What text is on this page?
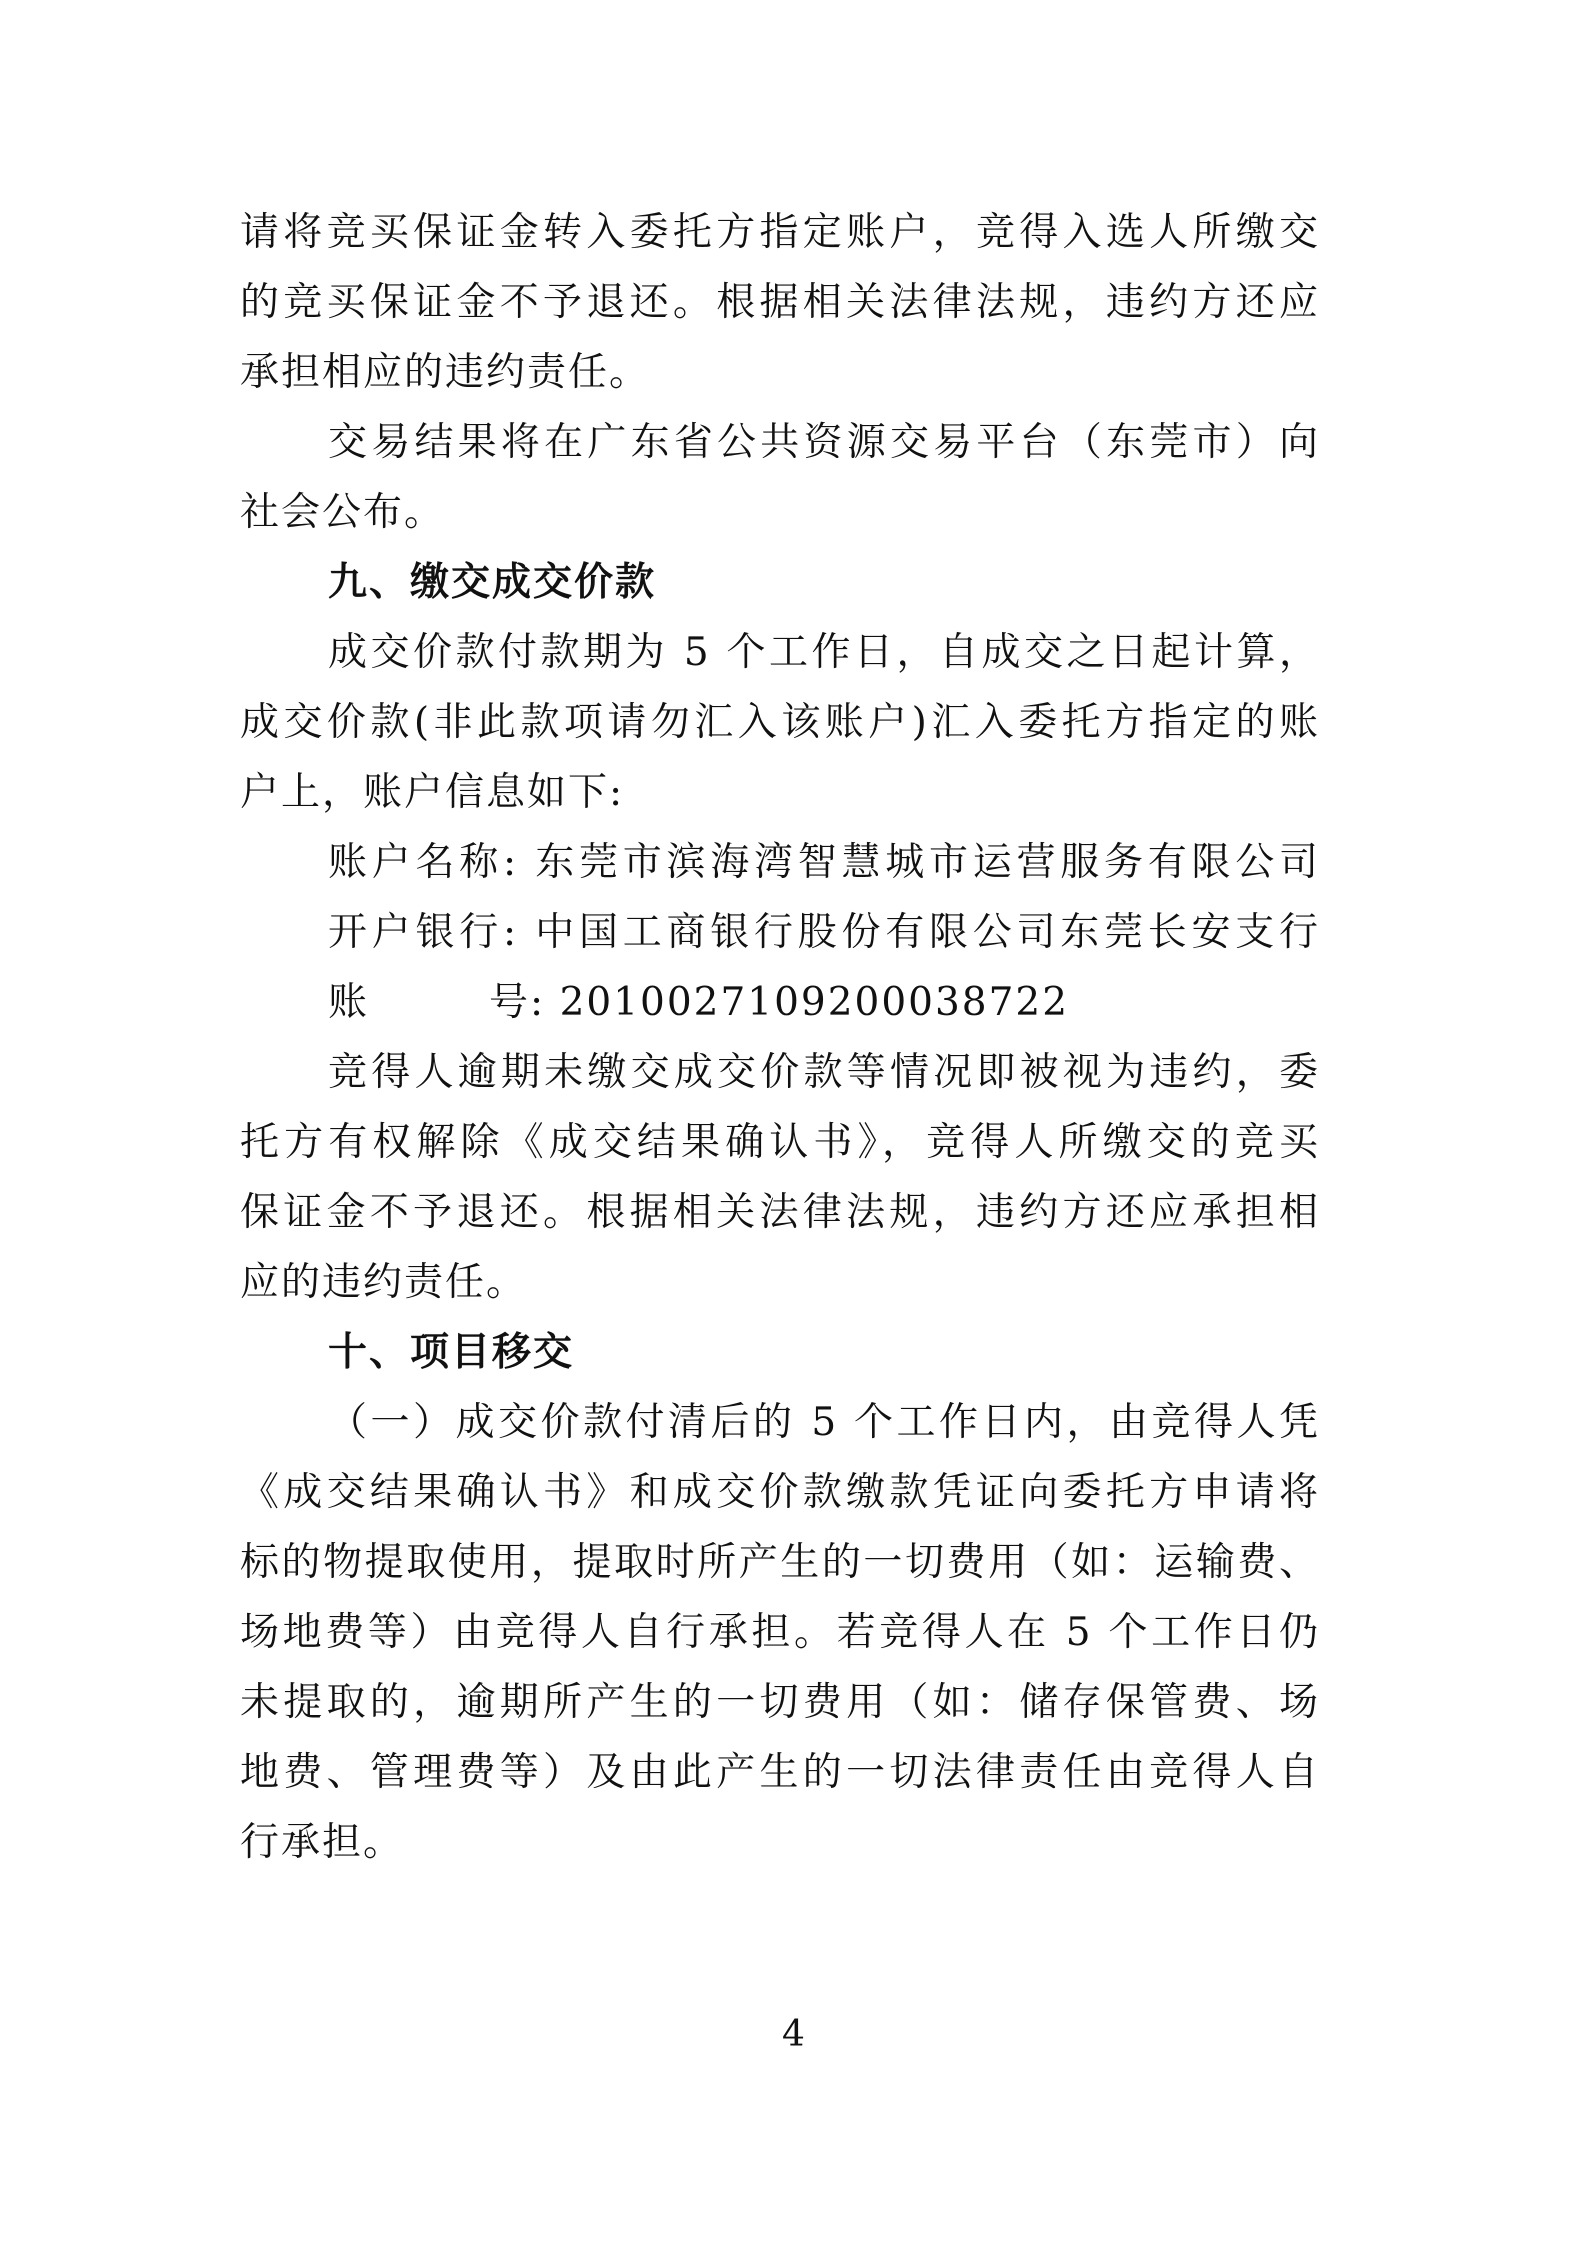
请将竞买保证金转入委托方指定账户，竞得入选人所缴交
的竞买保证金不予退还。根据相关法律法规，违约方还应
承担相应的违约责任。
交易结果将在广东省公共资源交易平台（东莞市）向
社会公布。
九、缴交成交价款
成交价款付款期为 5 个工作日，自成交之日起计算，
成交价款(非此款项请勿汇入该账户)汇入委托方指定的账
户上，账户信息如下:
账户名称: 东莞市滨海湾智慧城市运营服务有限公司
开户银行: 中国工商银行股份有限公司东莞长安支行
账	号: 2010027109200038722
竞得人逾期未缴交成交价款等情况即被视为违约，委
托方有权解除《成交结果确认书》，竞得人所缴交的竞买
保证金不予退还。根据相关法律法规，违约方还应承担相
应的违约责任。
十、项目移交
（一）成交价款付清后的 5 个工作日内，由竞得人凭
《成交结果确认书》和成交价款缴款凭证向委托方申请将
标的物提取使用，提取时所产生的一切费用（如：运输费、
场地费等）由竞得人自行承担。若竞得人在 5 个工作日仍
未提取的，逾期所产生的一切费用（如：储存保管费、场
地费、管理费等）及由此产生的一切法律责任由竞得人自
行承担。
4
